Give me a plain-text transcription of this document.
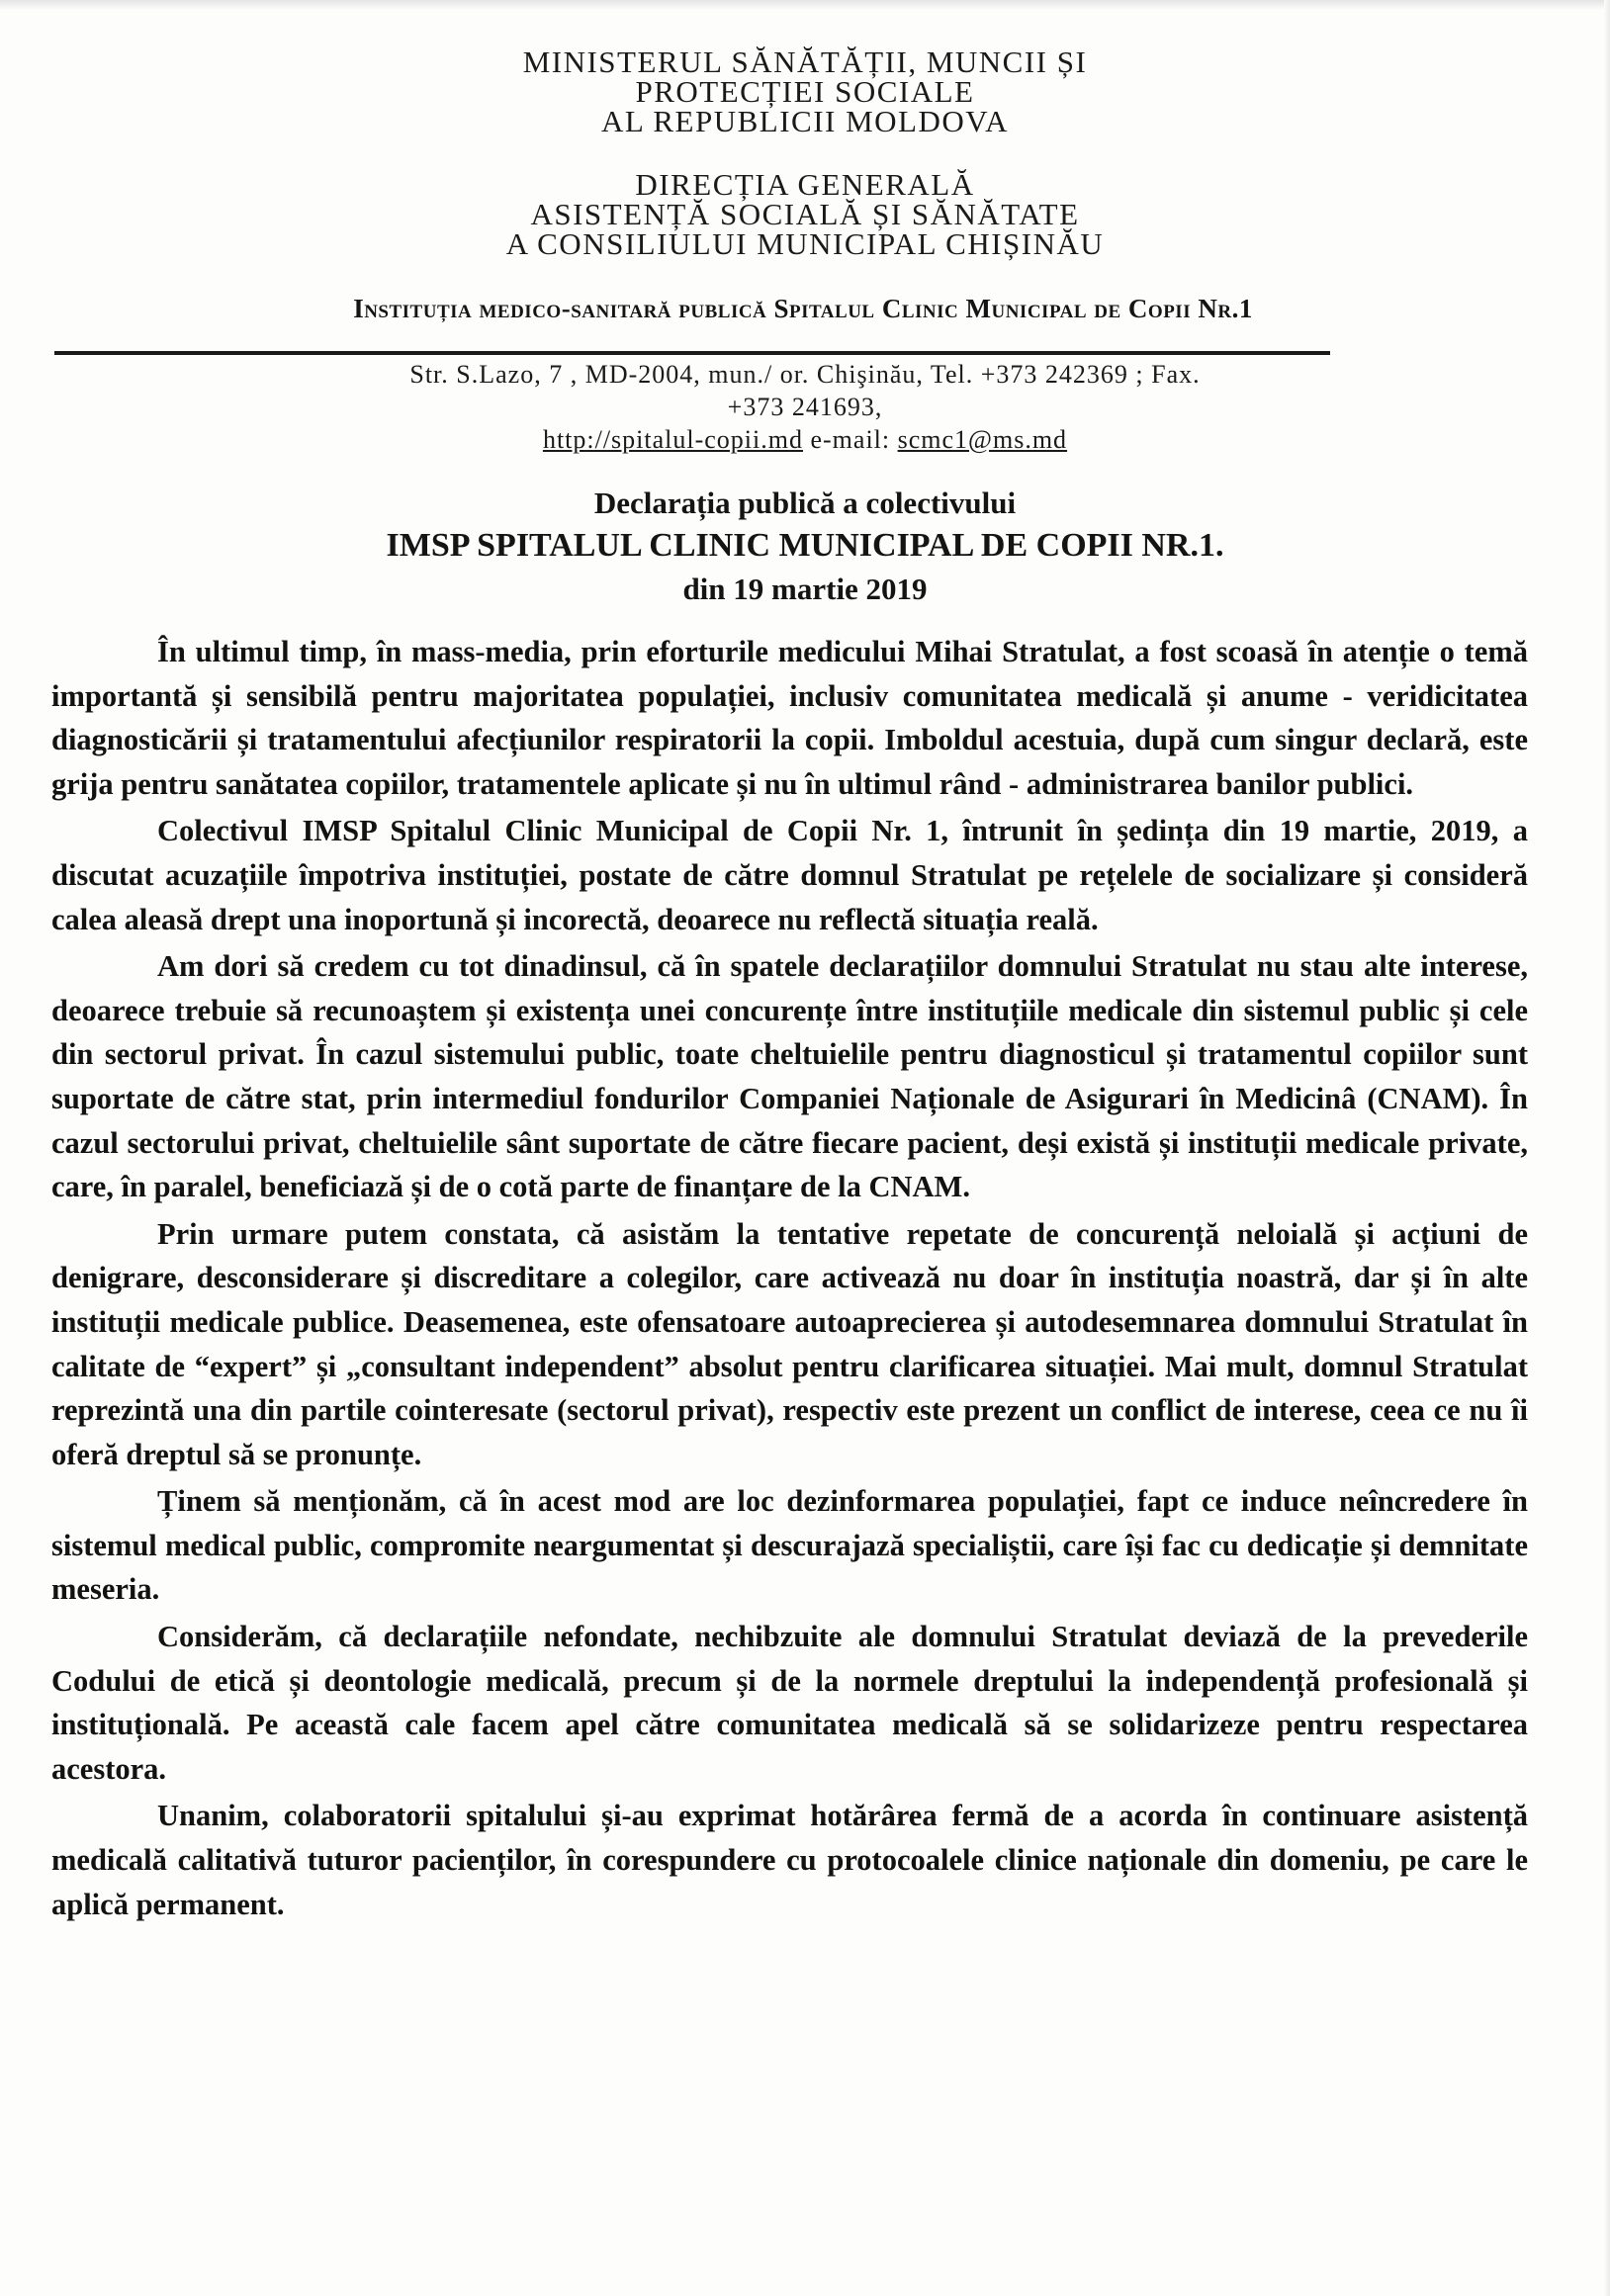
MINISTERUL SĂNĂTĂȚII, MUNCII ȘI
PROTECȚIEI SOCIALE
AL REPUBLICII MOLDOVA
DIRECȚIA GENERALĂ
ASISTENȚĂ SOCIALĂ ȘI SĂNĂTATE
A CONSILIULUI MUNICIPAL CHIȘINĂU
Instituția medico-sanitară publică Spitalul Clinic Municipal de Copii Nr.1
Str. S.Lazo, 7 , MD-2004, mun./ or. Chişinău, Tel. +373 242369 ; Fax.
+373 241693,
http://spitalul-copii.md e-mail: scmc1@ms.md
Declarația publică a colectivului
IMSP SPITALUL CLINIC MUNICIPAL DE COPII NR.1.
din 19 martie 2019

În ultimul timp, în mass-media, prin eforturile medicului Mihai Stratulat, a fost scoasă în atenție o temă importantă și sensibilă pentru majoritatea populației, inclusiv comunitatea medicală și anume - veridicitatea diagnosticării și tratamentului afecțiunilor respiratorii la copii. Imboldul acestuia, după cum singur declară, este grija pentru sanătatea copiilor, tratamentele aplicate și nu în ultimul rând - administrarea banilor publici.

Colectivul IMSP Spitalul Clinic Municipal de Copii Nr. 1, întrunit în ședința din 19 martie, 2019, a discutat acuzațiile împotriva instituției, postate de către domnul Stratulat pe rețelele de socializare și consideră calea aleasă drept una inoportună și incorectă, deoarece nu reflectă situația reală.

Am dori să credem cu tot dinadinsul, că în spatele declarațiilor domnului Stratulat nu stau alte interese, deoarece trebuie să recunoaștem și existența unei concurențe între instituțiile medicale din sistemul public și cele din sectorul privat. În cazul sistemului public, toate cheltuielile pentru diagnosticul și tratamentul copiilor sunt suportate de către stat, prin intermediul fondurilor Companiei Naționale de Asigurari în Medicinâ (CNAM). În cazul sectorului privat, cheltuielile sânt suportate de către fiecare pacient, deși există și instituții medicale private, care, în paralel, beneficiază și de o cotă parte de finanțare de la CNAM.

Prin urmare putem constata, că asistăm la tentative repetate de concurență neloială și acțiuni de denigrare, desconsiderare și discreditare a colegilor, care activează nu doar în instituția noastră, dar și în alte instituții medicale publice. Deasemenea, este ofensatoare autoaprecierea și autodesemnarea domnului Stratulat în calitate de “expert” și „consultant independent” absolut pentru clarificarea situației. Mai mult, domnul Stratulat reprezintă una din partile cointeresate (sectorul privat), respectiv este prezent un conflict de interese, ceea ce nu îi oferă dreptul să se pronunțe.

Ținem să menționăm, că în acest mod are loc dezinformarea populației, fapt ce induce neîncredere în sistemul medical public, compromite neargumentat și descurajază specialiștii, care își fac cu dedicație și demnitate meseria.

Considerăm, că declarațiile nefondate, nechibzuite ale domnului Stratulat deviază de la prevederile Codului de etică și deontologie medicală, precum și de la normele dreptului la independență profesională și instituțională. Pe această cale facem apel către comunitatea medicală să se solidarizeze pentru respectarea acestora.

Unanim, colaboratorii spitalului și-au exprimat hotărârea fermă de a acorda în continuare asistență medicală calitativă tuturor pacienților, în corespundere cu protocoalele clinice naționale din domeniu, pe care le aplică permanent.
